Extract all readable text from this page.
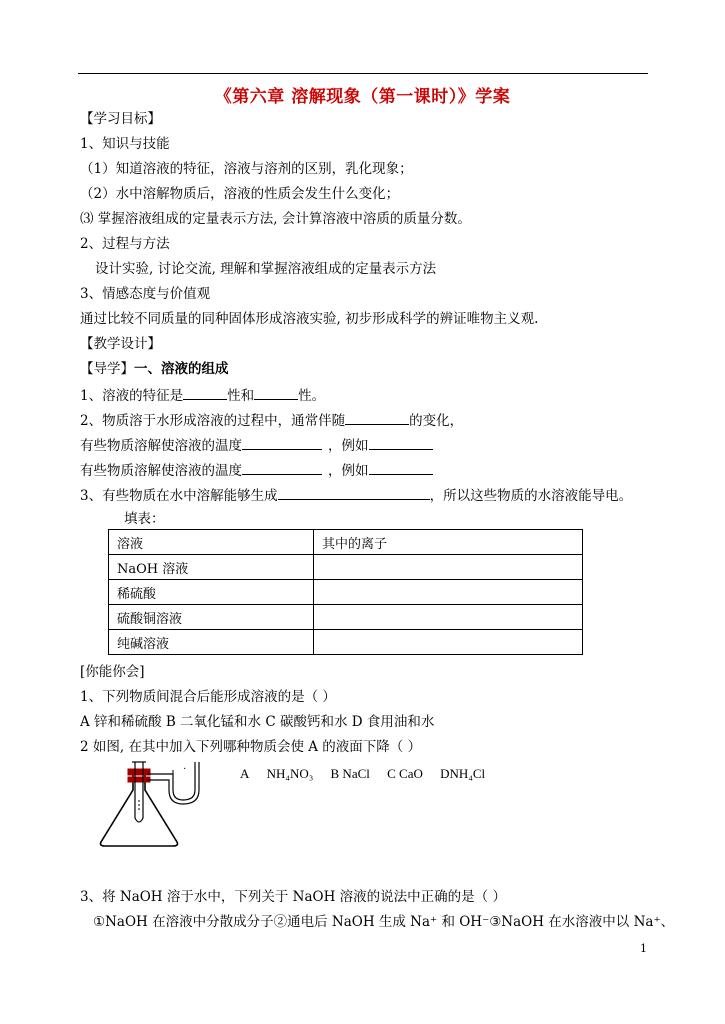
《第六章 溶解现象（第一课时）》学案
【学习目标】
1、知识与技能
（1）知道溶液的特征，溶液与溶剂的区别，乳化现象；
（2）水中溶解物质后，溶液的性质会发生什么变化；
⑶ 掌握溶液组成的定量表示方法, 会计算溶液中溶质的质量分数。
2、过程与方法
设计实验, 讨论交流, 理解和掌握溶液组成的定量表示方法
3、情感态度与价值观
通过比较不同质量的同种固体形成溶液实验, 初步形成科学的辨证唯物主义观.
【教学设计】
【导学】一、溶液的组成
1、溶液的特征是	性和	性。
2、物质溶于水形成溶液的过程中，通常伴随	的变化，
有些物质溶解使溶液的温度	，例如
有些物质溶解使溶液的温度	，例如
3、有些物质在水中溶解能够生成	，所以这些物质的水溶液能导电。
填表：
溶液	其中的离子
NaOH 溶液	
稀硫酸	
硫酸铜溶液	
纯碱溶液	
[你能你会]
1、下列物质间混合后能形成溶液的是（ ）
A 锌和稀硫酸 B 二氧化锰和水 C 碳酸钙和水 D 食用油和水
2 如图, 在其中加入下列哪种物质会使 A 的液面下降（ ）
·	A NH₄NO₃ B NaCl C CaO DNH₄Cl
3、将 NaOH 溶于水中，下列关于 NaOH 溶液的说法中正确的是（ ）
①NaOH 在溶液中分散成分子②通电后 NaOH 生成 Na⁺ 和 OH⁻③NaOH 在水溶液中以 Na⁺、
1
